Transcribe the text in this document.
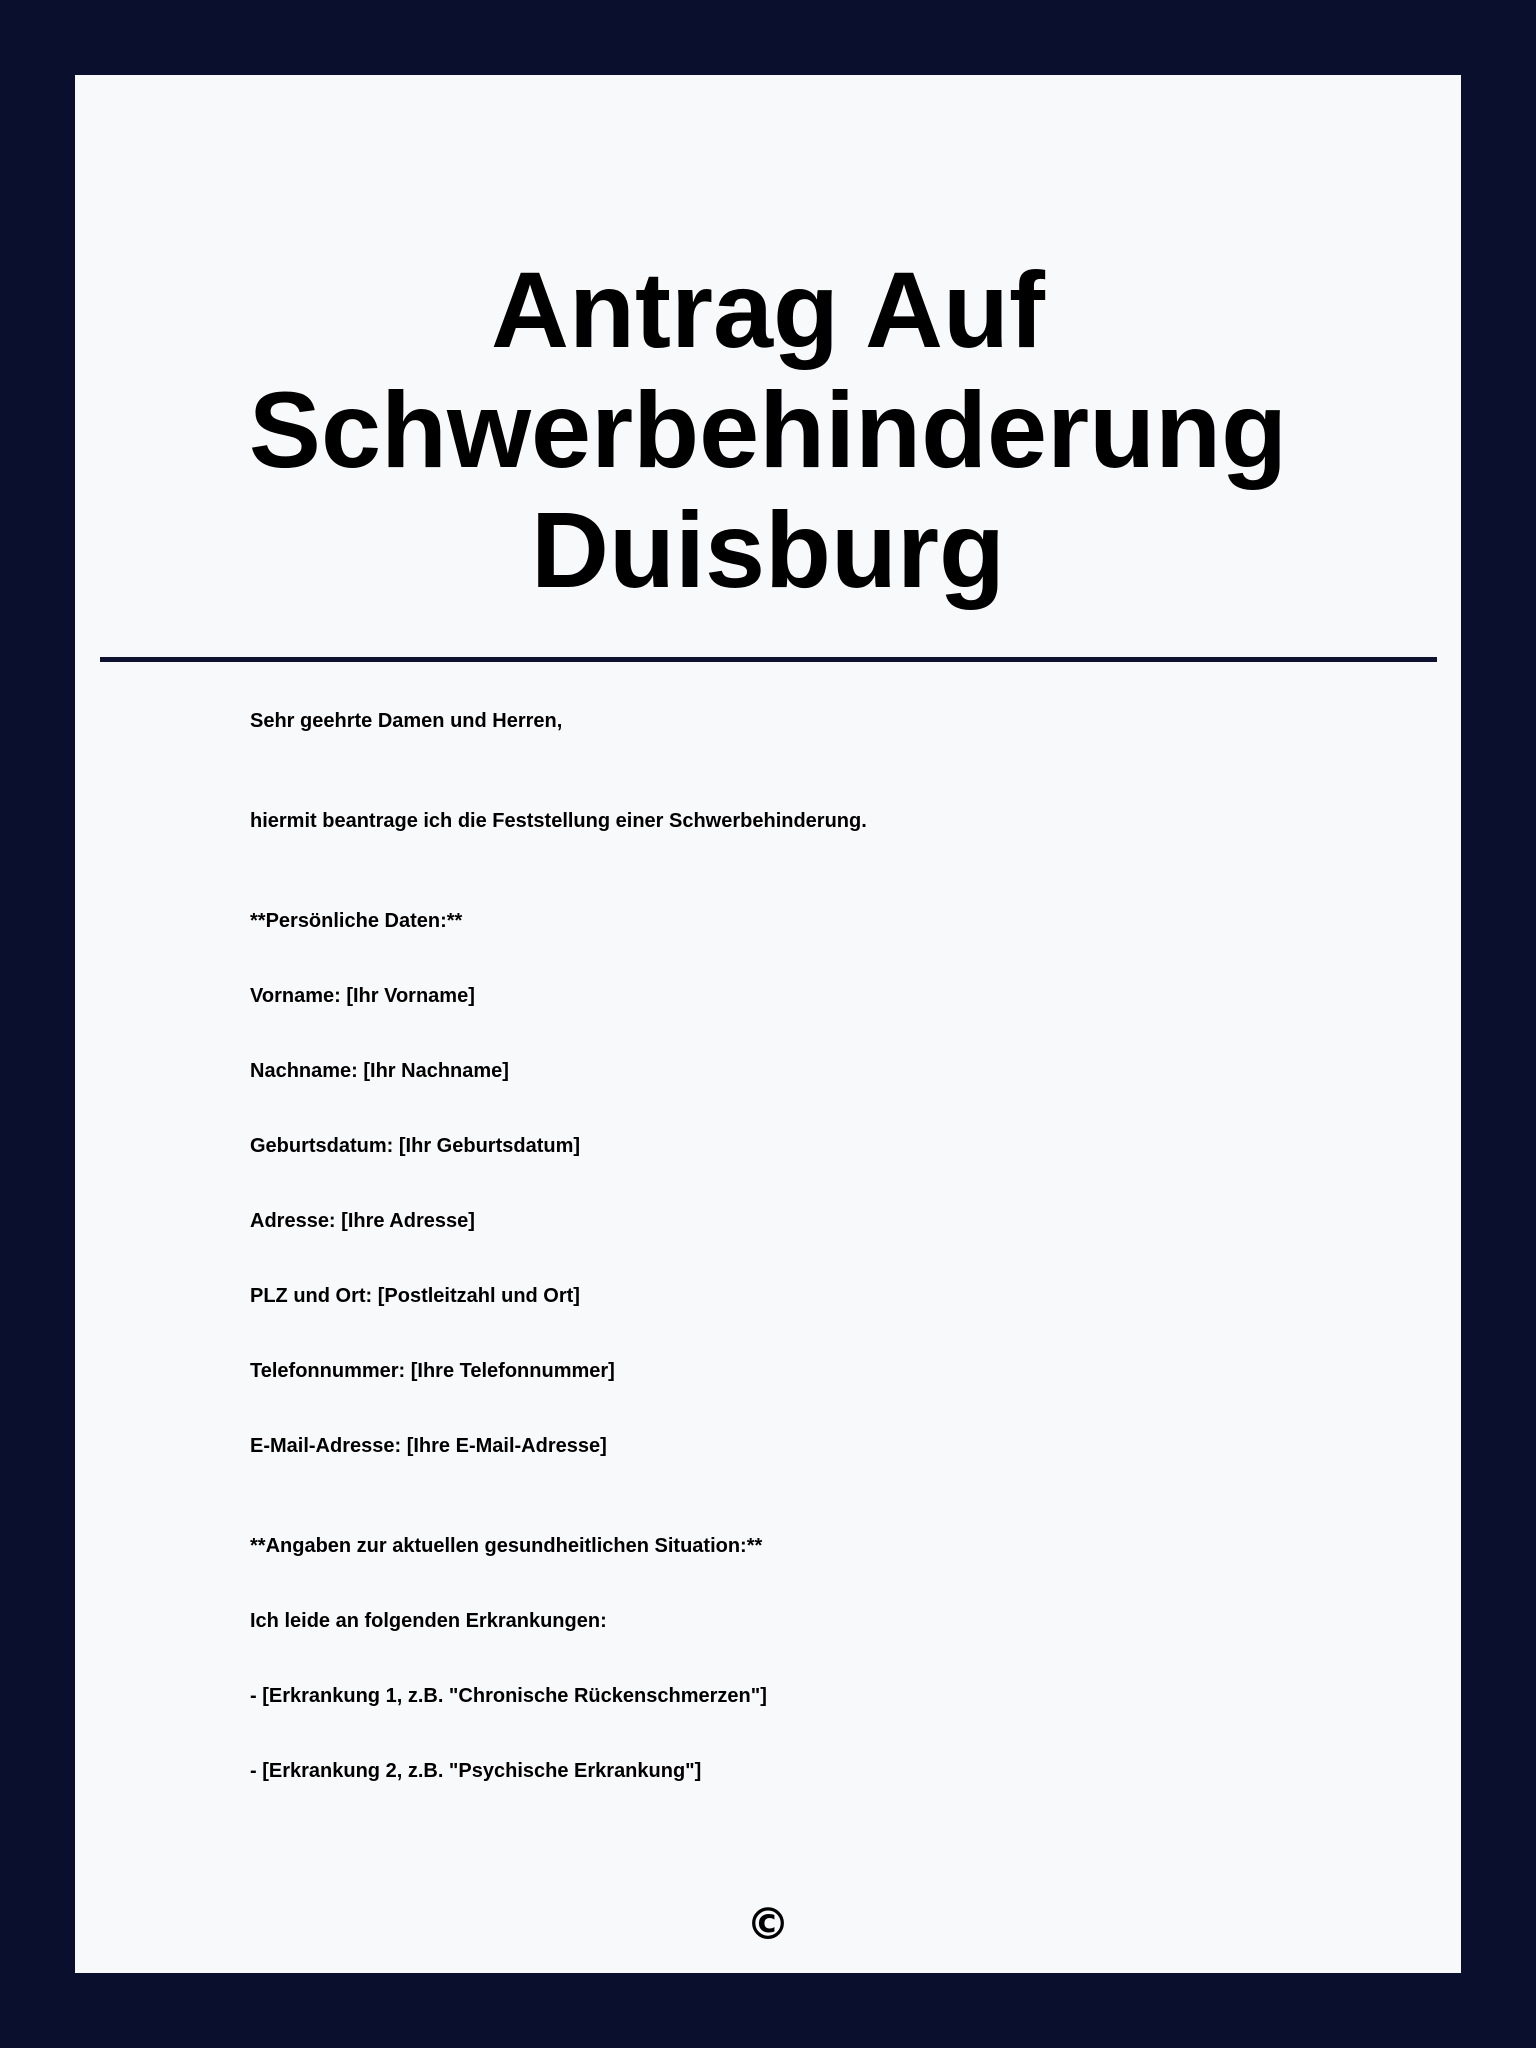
Antrag Auf
Schwerbehinderung
Duisburg
Sehr geehrte Damen und Herren,
hiermit beantrage ich die Feststellung einer Schwerbehinderung.
**Persönliche Daten:**
Vorname: [Ihr Vorname]
Nachname: [Ihr Nachname]
Geburtsdatum: [Ihr Geburtsdatum]
Adresse: [Ihre Adresse]
PLZ und Ort: [Postleitzahl und Ort]
Telefonnummer: [Ihre Telefonnummer]
E-Mail-Adresse: [Ihre E-Mail-Adresse]
**Angaben zur aktuellen gesundheitlichen Situation:**
Ich leide an folgenden Erkrankungen:
- [Erkrankung 1, z.B. "Chronische Rückenschmerzen"]
- [Erkrankung 2, z.B. "Psychische Erkrankung"]
©
